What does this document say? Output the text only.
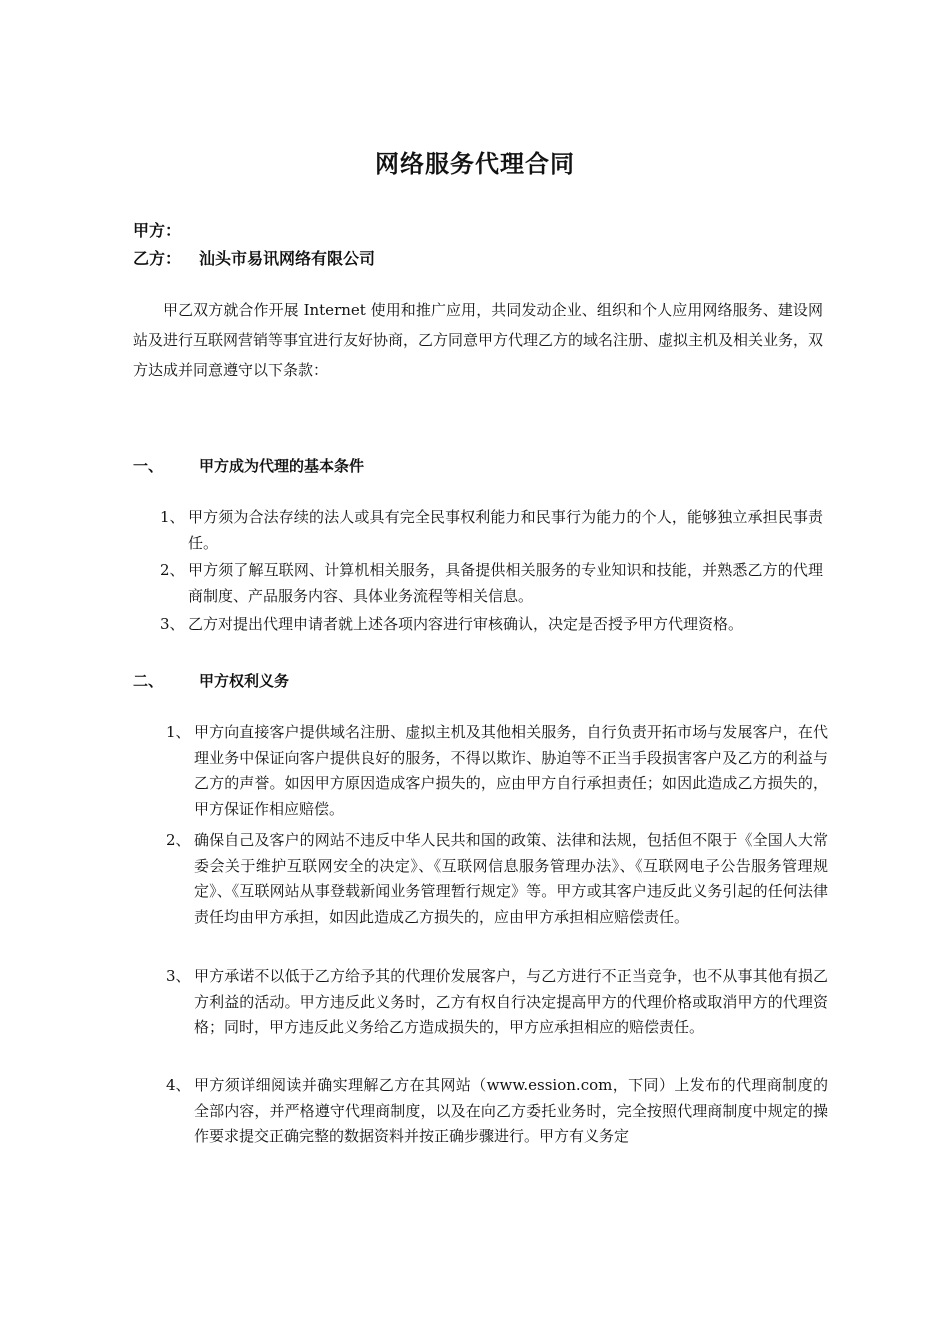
网络服务代理合同
甲方：
乙方： 汕头市易讯网络有限公司
甲乙双方就合作开展 Internet 使用和推广应用，共同发动企业、组织和个人应用网络服务、建设网站及进行互联网营销等事宜进行友好协商，乙方同意甲方代理乙方的域名注册、虚拟主机及相关业务，双方达成并同意遵守以下条款：
一、 甲方成为代理的基本条件
1、 甲方须为合法存续的法人或具有完全民事权利能力和民事行为能力的个人，能够独立承担民事责任。
2、 甲方须了解互联网、计算机相关服务，具备提供相关服务的专业知识和技能，并熟悉乙方的代理商制度、产品服务内容、具体业务流程等相关信息。
3、 乙方对提出代理申请者就上述各项内容进行审核确认，决定是否授予甲方代理资格。
二、 甲方权利义务
1、 甲方向直接客户提供域名注册、虚拟主机及其他相关服务，自行负责开拓市场与发展客户，在代理业务中保证向客户提供良好的服务，不得以欺诈、胁迫等不正当手段损害客户及乙方的利益与乙方的声誉。如因甲方原因造成客户损失的，应由甲方自行承担责任；如因此造成乙方损失的，甲方保证作相应赔偿。
2、 确保自己及客户的网站不违反中华人民共和国的政策、法律和法规，包括但不限于《全国人大常委会关于维护互联网安全的决定》、《互联网信息服务管理办法》、《互联网电子公告服务管理规定》、《互联网站从事登载新闻业务管理暂行规定》等。甲方或其客户违反此义务引起的任何法律责任均由甲方承担，如因此造成乙方损失的，应由甲方承担相应赔偿责任。
3、 甲方承诺不以低于乙方给予其的代理价发展客户，与乙方进行不正当竞争，也不从事其他有损乙方利益的活动。甲方违反此义务时，乙方有权自行决定提高甲方的代理价格或取消甲方的代理资格；同时，甲方违反此义务给乙方造成损失的，甲方应承担相应的赔偿责任。
4、 甲方须详细阅读并确实理解乙方在其网站（www.ession.com，下同）上发布的代理商制度的全部内容，并严格遵守代理商制度，以及在向乙方委托业务时，完全按照代理商制度中规定的操作要求提交正确完整的数据资料并按正确步骤进行。甲方有义务定
